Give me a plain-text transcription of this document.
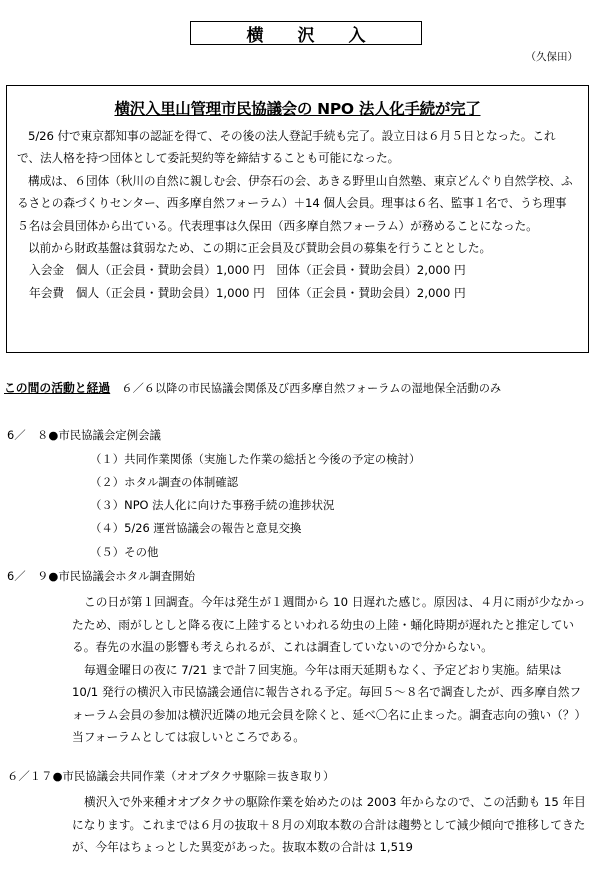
横　　沢　　入
（久保田）
横沢入里山管理市民協議会の NPO 法人化手続が完了

5/26 付で東京都知事の認証を得て、その後の法人登記手続も完了。設立日は６月５日となった。これで、法人格を持つ団体として委託契約等を締結することも可能になった。

構成は、６団体（秋川の自然に親しむ会、伊奈石の会、あきる野里山自然塾、東京どんぐり自然学校、ふるさとの森づくりセンター、西多摩自然フォーラム）＋14 個人会員。理事は６名、監事１名で、うち理事５名は会員団体から出ている。代表理事は久保田（西多摩自然フォーラム）が務めることになった。

以前から財政基盤は貧弱なため、この期に正会員及び賛助会員の募集を行うこととした。

入会金　個人（正会員・賛助会員）1,000 円　団体（正会員・賛助会員）2,000 円
年会費　個人（正会員・賛助会員）1,000 円　団体（正会員・賛助会員）2,000 円
この間の活動と経過　６／６以降の市民協議会関係及び西多摩自然フォーラムの湿地保全活動のみ
6／　８●市民協議会定例会議
（１）共同作業関係（実施した作業の総括と今後の予定の検討）
（２）ホタル調査の体制確認
（３）NPO 法人化に向けた事務手続の進捗状況
（４）5/26 運営協議会の報告と意見交換
（５）その他
6／　９●市民協議会ホタル調査開始

この日が第１回調査。今年は発生が１週間から 10 日遅れた感じ。原因は、４月に雨が少なかったため、雨がしとしと降る夜に上陸するといわれる幼虫の上陸・蛹化時期が遅れたと推定している。春先の水温の影響も考えられるが、これは調査していないので分からない。

毎週金曜日の夜に 7/21 まで計７回実施。今年は雨天延期もなく、予定どおり実施。結果は 10/1 発行の横沢入市民協議会通信に報告される予定。毎回５～８名で調査したが、西多摩自然フォーラム会員の参加は横沢近隣の地元会員を除くと、延べ〇名に止まった。調査志向の強い（？）当フォーラムとしては寂しいところである。

６／１７●市民協議会共同作業（オオブタクサ駆除＝抜き取り）

横沢入で外来種オオブタクサの駆除作業を始めたのは 2003 年からなので、この活動も 15 年目になります。これまでは６月の抜取＋８月の刈取本数の合計は趨勢として減少傾向で推移してきたが、今年はちょっとした異変があった。抜取本数の合計は 1,519
